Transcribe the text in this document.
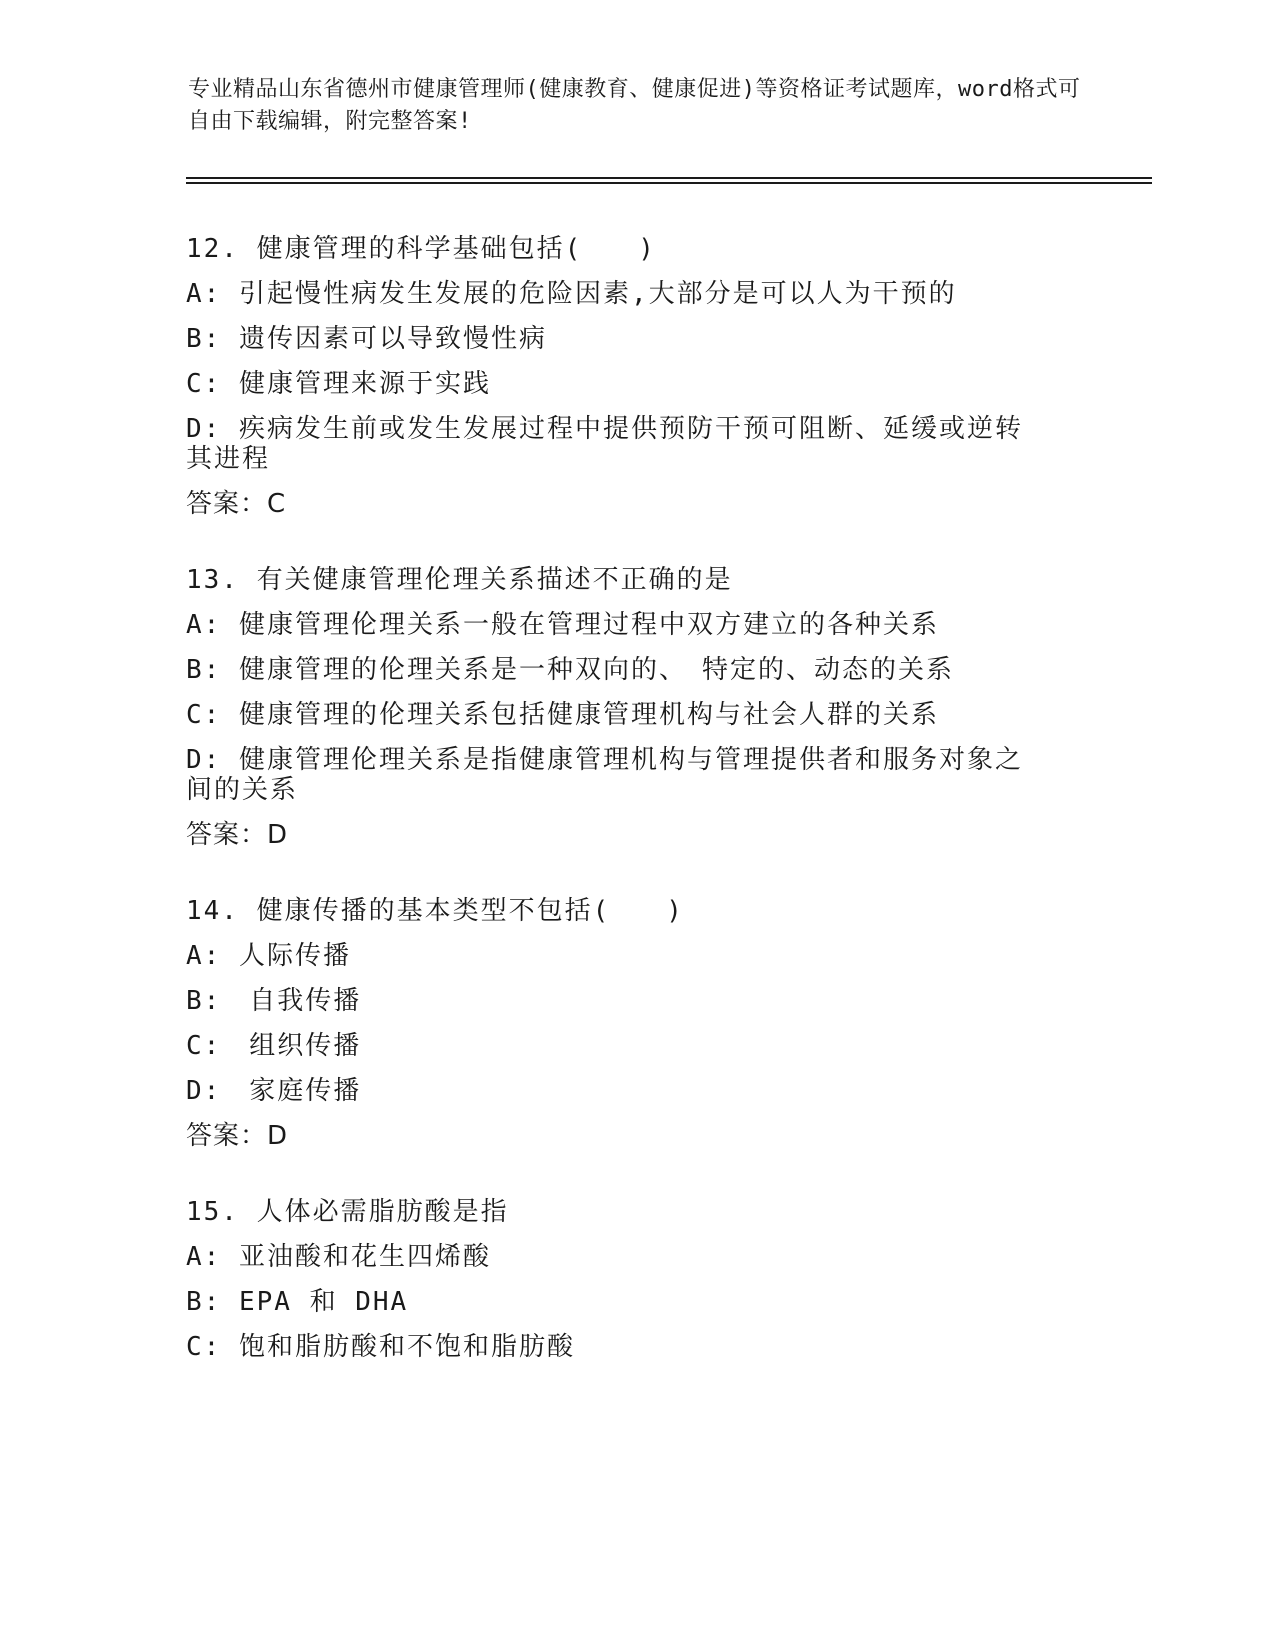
专业精品山东省德州市健康管理师(健康教育、健康促进)等资格证考试题库，word格式可自由下载编辑，附完整答案!
12. 健康管理的科学基础包括(　　)
A: 引起慢性病发生发展的危险因素,大部分是可以人为干预的
B: 遗传因素可以导致慢性病
C: 健康管理来源于实践
D: 疾病发生前或发生发展过程中提供预防干预可阻断、延缓或逆转其进程
答案：C
13. 有关健康管理伦理关系描述不正确的是
A: 健康管理伦理关系一般在管理过程中双方建立的各种关系
B: 健康管理的伦理关系是一种双向的、　特定的、动态的关系
C: 健康管理的伦理关系包括健康管理机构与社会人群的关系
D: 健康管理伦理关系是指健康管理机构与管理提供者和服务对象之间的关系
答案：D
14. 健康传播的基本类型不包括(　　)
A: 人际传播
B:　自我传播
C:　组织传播
D:　家庭传播
答案：D
15. 人体必需脂肪酸是指
A: 亚油酸和花生四烯酸
B: EPA 和 DHA
C: 饱和脂肪酸和不饱和脂肪酸
